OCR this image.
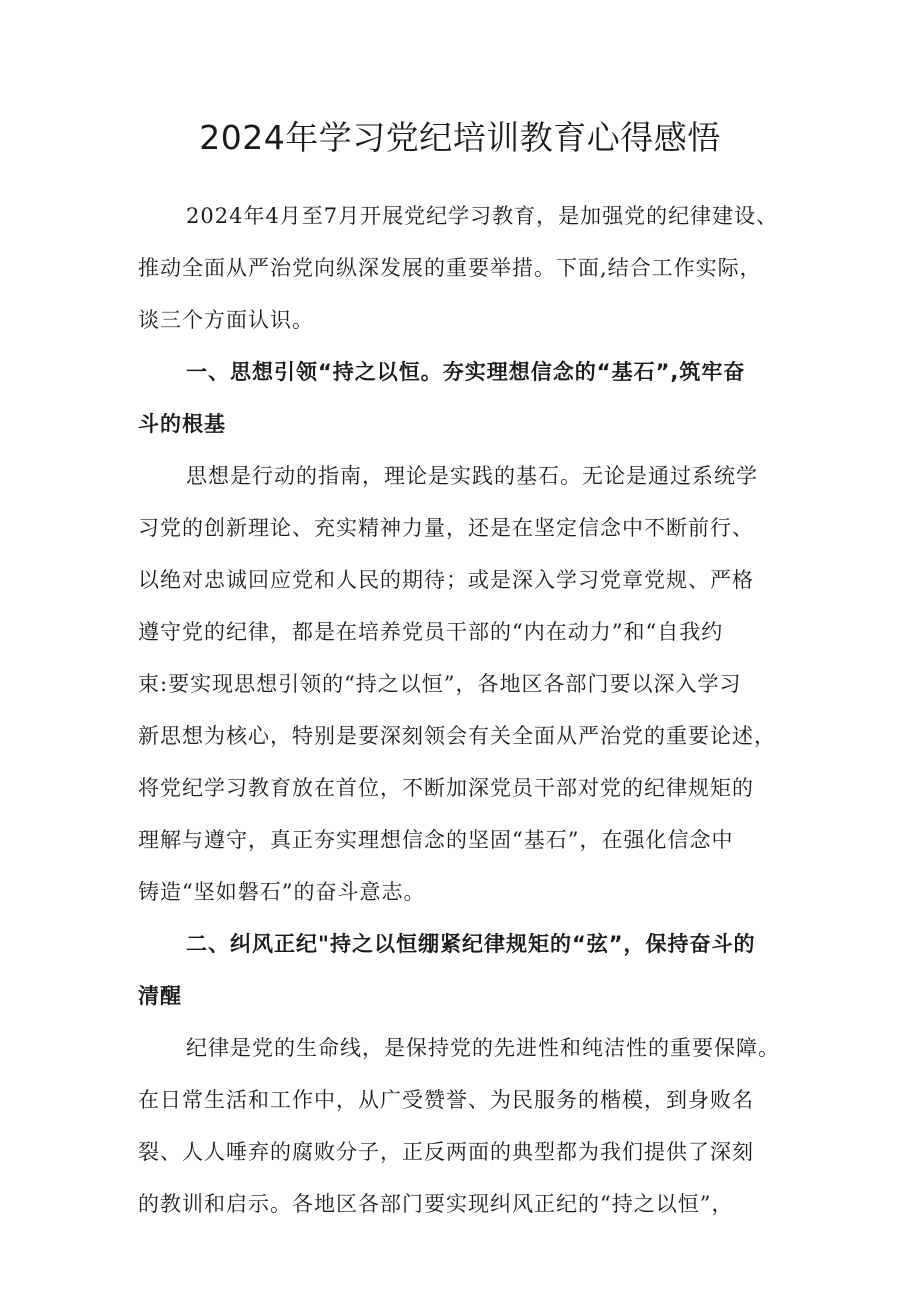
2024年学习党纪培训教育心得感悟

2024年4月至7月开展党纪学习教育，是加强党的纪律建设、
推动全面从严治党向纵深发展的重要举措。下面,结合工作实际，
谈三个方面认识。

一、思想引领“持之以恒。夯实理想信念的“基石”,筑牢奋
斗的根基

思想是行动的指南，理论是实践的基石。无论是通过系统学
习党的创新理论、充实精神力量，还是在坚定信念中不断前行、
以绝对忠诚回应党和人民的期待；或是深入学习党章党规、严格
遵守党的纪律，都是在培养党员干部的“内在动力”和“自我约
束:要实现思想引领的“持之以恒”，各地区各部门要以深入学习
新思想为核心，特别是要深刻领会有关全面从严治党的重要论述，
将党纪学习教育放在首位，不断加深党员干部对党的纪律规矩的
理解与遵守，真正夯实理想信念的坚固“基石”，在强化信念中
铸造“坚如磐石”的奋斗意志。

二、纠风正纪"持之以恒绷紧纪律规矩的“弦”，保持奋斗的
清醒

纪律是党的生命线，是保持党的先进性和纯洁性的重要保障。
在日常生活和工作中，从广受赞誉、为民服务的楷模，到身败名
裂、人人唾弃的腐败分子，正反两面的典型都为我们提供了深刻
的教训和启示。各地区各部门要实现纠风正纪的“持之以恒”，
